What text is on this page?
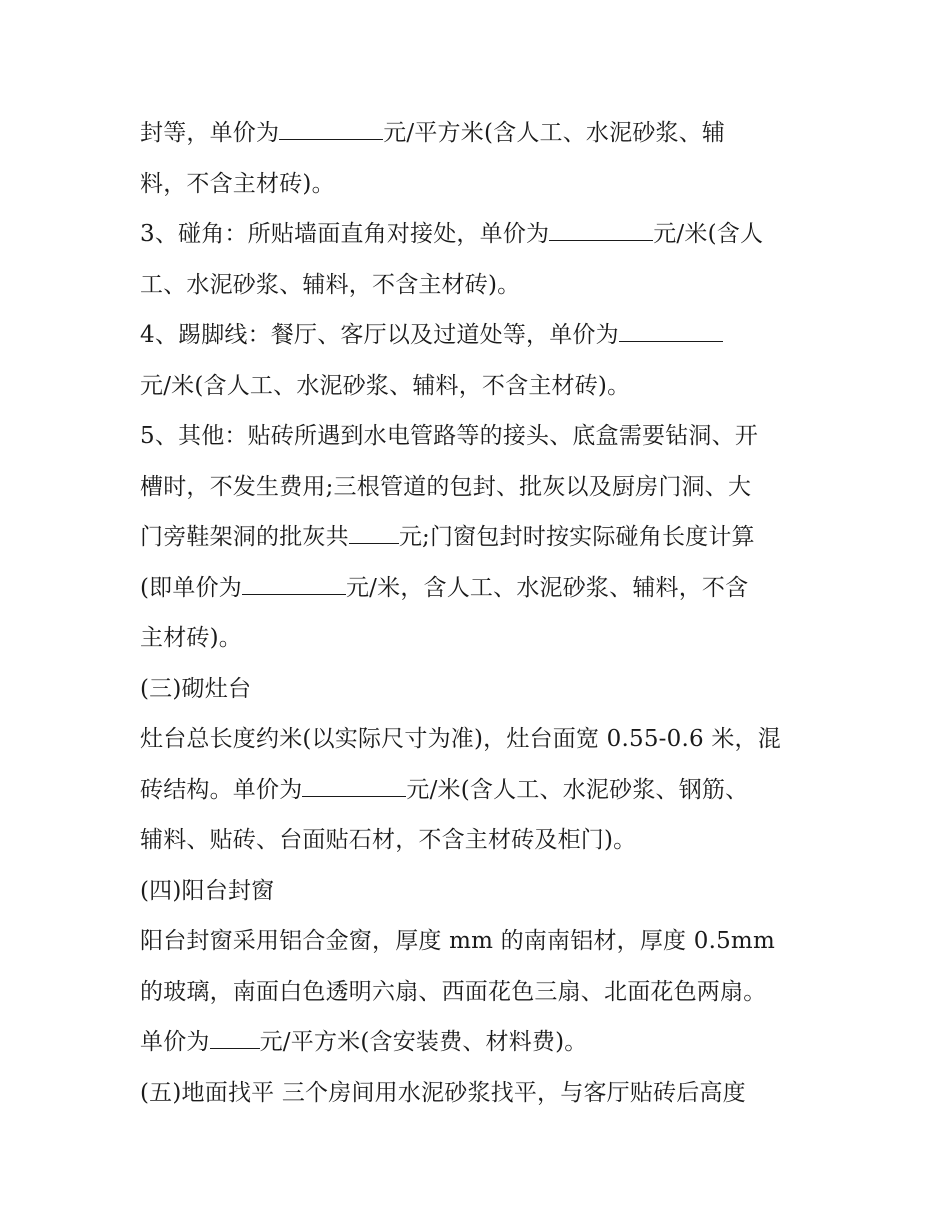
封等，单价为	元/平方米(含人工、水泥砂浆、辅
料，不含主材砖)。
3、碰角：所贴墙面直角对接处，单价为	元/米(含人
工、水泥砂浆、辅料，不含主材砖)。
4、踢脚线：餐厅、客厅以及过道处等，单价为
元/米(含人工、水泥砂浆、辅料，不含主材砖)。
5、其他：贴砖所遇到水电管路等的接头、底盒需要钻洞、开
槽时，不发生费用;三根管道的包封、批灰以及厨房门洞、大
门旁鞋架洞的批灰共 元;门窗包封时按实际碰角长度计算
(即单价为	元/米，含人工、水泥砂浆、辅料，不含
主材砖)。
(三)砌灶台
灶台总长度约米(以实际尺寸为准)，灶台面宽 0.55-0.6 米，混
砖结构。单价为	元/米(含人工、水泥砂浆、钢筋、
辅料、贴砖、台面贴石材，不含主材砖及柜门)。
(四)阳台封窗
阳台封窗采用铝合金窗，厚度 mm 的南南铝材，厚度 0.5mm
的玻璃，南面白色透明六扇、西面花色三扇、北面花色两扇。
单价为 元/平方米(含安装费、材料费)。
(五)地面找平 三个房间用水泥砂浆找平，与客厅贴砖后高度
